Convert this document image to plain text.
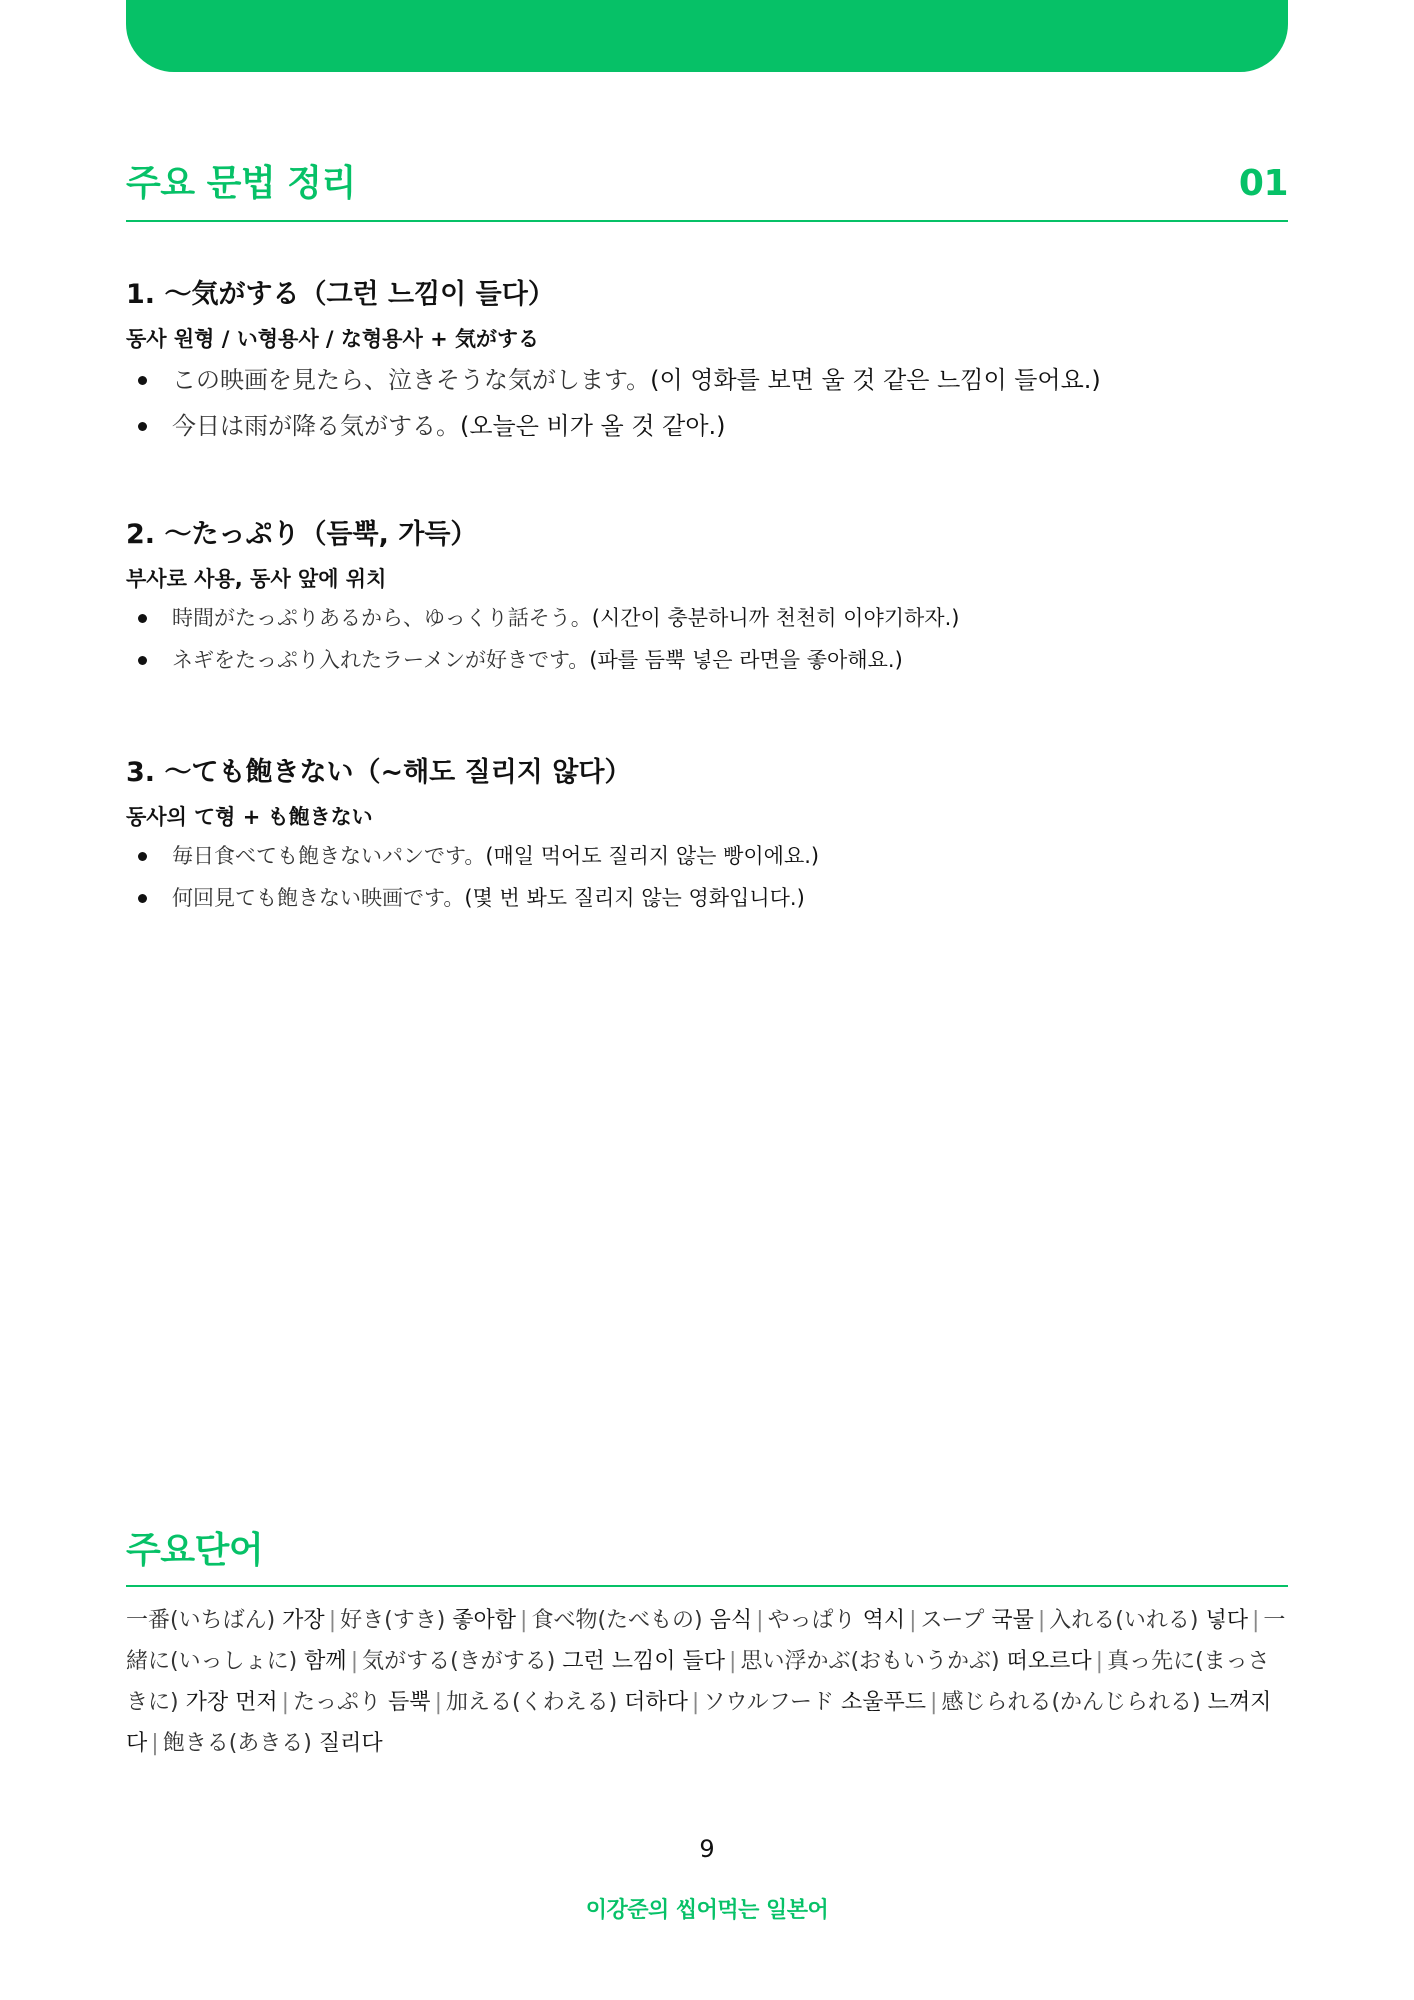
주요 문법 정리	01
1. ～気がする（그런 느낌이 들다）
동사 원형 / い형용사 / な형용사 + 気がする
この映画を見たら、泣きそうな気がします。(이 영화를 보면 울 것 같은 느낌이 들어요.)
今日は雨が降る気がする。(오늘은 비가 올 것 같아.)
2. ～たっぷり（듬뿍, 가득）
부사로 사용, 동사 앞에 위치
時間がたっぷりあるから、ゆっくり話そう。(시간이 충분하니까 천천히 이야기하자.)
ネギをたっぷり入れたラーメンが好きです。(파를 듬뿍 넣은 라면을 좋아해요.)
3. ～ても飽きない（~해도 질리지 않다）
동사의 て형 + も飽きない
毎日食べても飽きないパンです。(매일 먹어도 질리지 않는 빵이에요.)
何回見ても飽きない映画です。(몇 번 봐도 질리지 않는 영화입니다.)
주요단어
一番(いちばん) 가장 | 好き(すき) 좋아함 | 食べ物(たべもの) 음식 | やっぱり 역시 | スープ 국물 | 入れる(いれる) 넣다 | 一緒に(いっしょに) 함께 | 気がする(きがする) 그런 느낌이 들다 | 思い浮かぶ(おもいうかぶ) 떠오르다 | 真っ先に(まっさきに) 가장 먼저 | たっぷり 듬뿍 | 加える(くわえる) 더하다 | ソウルフード 소울푸드 | 感じられる(かんじられる) 느껴지다 | 飽きる(あきる) 질리다
9
이강준의 씹어먹는 일본어
